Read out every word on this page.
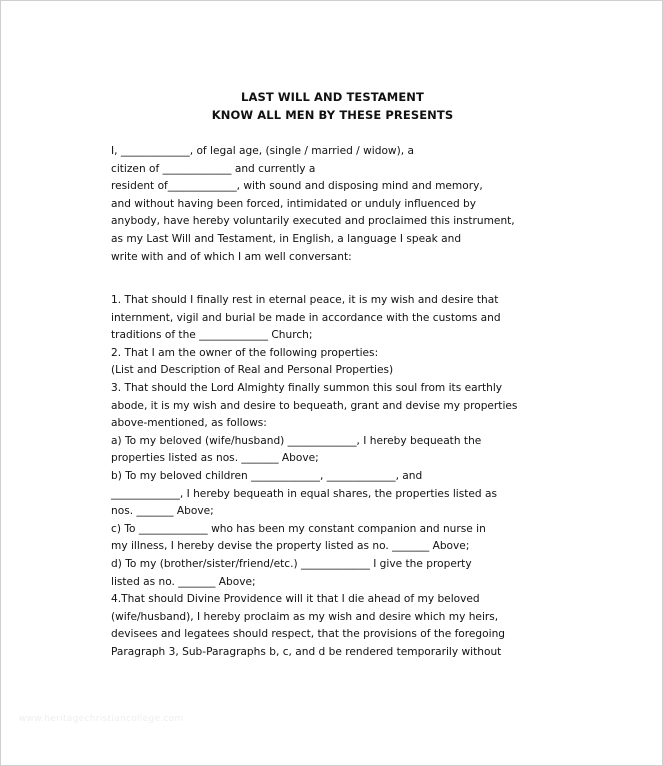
LAST WILL AND TESTAMENT
KNOW ALL MEN BY THESE PRESENTS
I, _____________, of legal age, (single / married / widow), a
citizen of _____________ and currently a
resident of_____________, with sound and disposing mind and memory,
and without having been forced, intimidated or unduly influenced by
anybody, have hereby voluntarily executed and proclaimed this instrument,
as my Last Will and Testament, in English, a language I speak and
write with and of which I am well conversant:
1. That should I finally rest in eternal peace, it is my wish and desire that
internment, vigil and burial be made in accordance with the customs and
traditions of the _____________ Church;
2. That I am the owner of the following properties:
(List and Description of Real and Personal Properties)
3. That should the Lord Almighty finally summon this soul from its earthly
abode, it is my wish and desire to bequeath, grant and devise my properties
above-mentioned, as follows:
a) To my beloved (wife/husband) _____________, I hereby bequeath the
properties listed as nos. _______ Above;
b) To my beloved children _____________, _____________, and
_____________, I hereby bequeath in equal shares, the properties listed as
nos. _______ Above;
c) To _____________ who has been my constant companion and nurse in
my illness, I hereby devise the property listed as no. _______ Above;
d) To my (brother/sister/friend/etc.) _____________ I give the property
listed as no. _______ Above;
4.That should Divine Providence will it that I die ahead of my beloved
(wife/husband), I hereby proclaim as my wish and desire which my heirs,
devisees and legatees should respect, that the provisions of the foregoing
Paragraph 3, Sub-Paragraphs b, c, and d be rendered temporarily without
www.heritagechristiancollege.com
